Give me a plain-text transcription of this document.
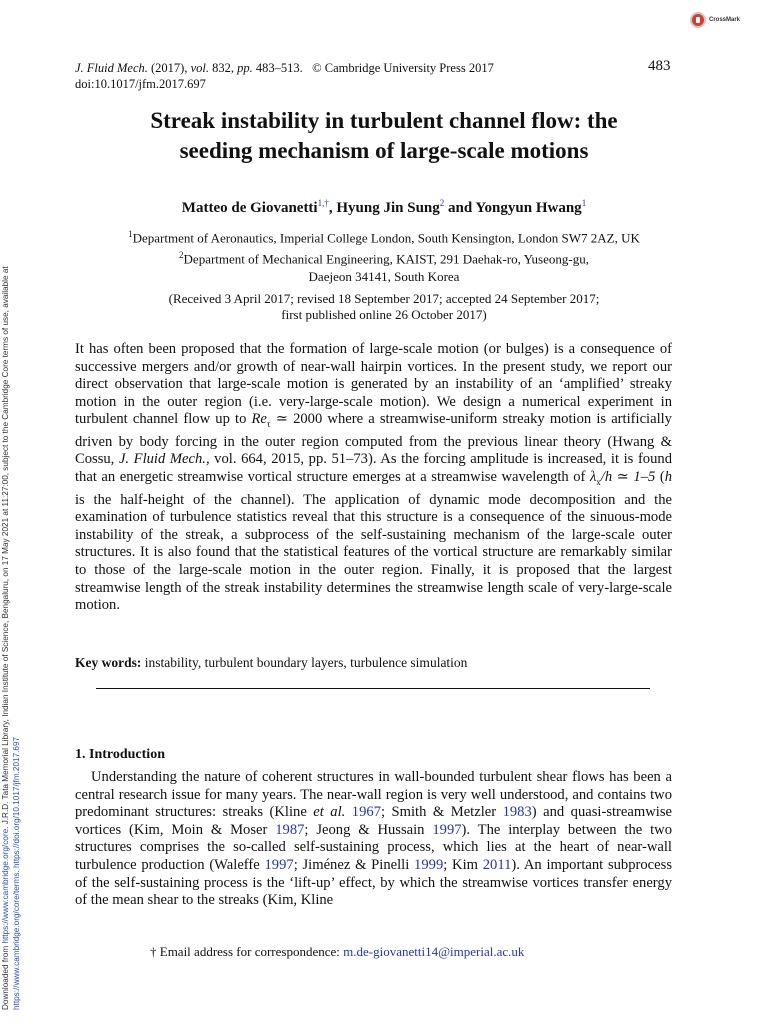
CrossMark
J. Fluid Mech. (2017), vol. 832, pp. 483–513. © Cambridge University Press 2017
doi:10.1017/jfm.2017.697
483
Streak instability in turbulent channel flow: the
seeding mechanism of large-scale motions
Matteo de Giovanetti$^{1,\dagger}$, Hyung Jin Sung$^2$ and Yongyun Hwang$^1$
$^1$Department of Aeronautics, Imperial College London, South Kensington, London SW7 2AZ, UK
$^2$Department of Mechanical Engineering, KAIST, 291 Daehak-ro, Yuseong-gu,
Daejeon 34141, South Korea
(Received 3 April 2017; revised 18 September 2017; accepted 24 September 2017;
first published online 26 October 2017)
It has often been proposed that the formation of large-scale motion (or bulges) is a consequence of successive mergers and/or growth of near-wall hairpin vortices. In the present study, we report our direct observation that large-scale motion is generated by an instability of an ‘amplified’ streaky motion in the outer region (i.e. very-large-scale motion). We design a numerical experiment in turbulent channel flow up to $Re_\tau$ ≃ 2000 where a streamwise-uniform streaky motion is artificially driven by body forcing in the outer region computed from the previous linear theory (Hwang & Cossu, J. Fluid Mech., vol. 664, 2015, pp. 51–73). As the forcing amplitude is increased, it is found that an energetic streamwise vortical structure emerges at a streamwise wavelength of $\lambda_x/h$ ≃ 1–5 (h is the half-height of the channel). The application of dynamic mode decomposition and the examination of turbulence statistics reveal that this structure is a consequence of the sinuous-mode instability of the streak, a subprocess of the self-sustaining mechanism of the large-scale outer structures. It is also found that the statistical features of the vortical structure are remarkably similar to those of the large-scale motion in the outer region. Finally, it is proposed that the largest streamwise length of the streak instability determines the streamwise length scale of very-large-scale motion.
Key words: instability, turbulent boundary layers, turbulence simulation
1. Introduction
Understanding the nature of coherent structures in wall-bounded turbulent shear flows has been a central research issue for many years. The near-wall region is very well understood, and contains two predominant structures: streaks (Kline et al. 1967; Smith & Metzler 1983) and quasi-streamwise vortices (Kim, Moin & Moser 1987; Jeong & Hussain 1997). The interplay between the two structures comprises the so-called self-sustaining process, which lies at the heart of near-wall turbulence production (Waleffe 1997; Jiménez & Pinelli 1999; Kim 2011). An important subprocess of the self-sustaining process is the ‘lift-up’ effect, by which the streamwise vortices transfer energy of the mean shear to the streaks (Kim, Kline
† Email address for correspondence: m.de-giovanetti14@imperial.ac.uk
Downloaded from https://www.cambridge.org/core. J.R.D. Tata Memorial Library, Indian Institute of Science, Bengaluru, on 17 May 2021 at 11:27:00, subject to the Cambridge Core terms of use, available at
https://www.cambridge.org/core/terms. https://doi.org/10.1017/jfm.2017.697
